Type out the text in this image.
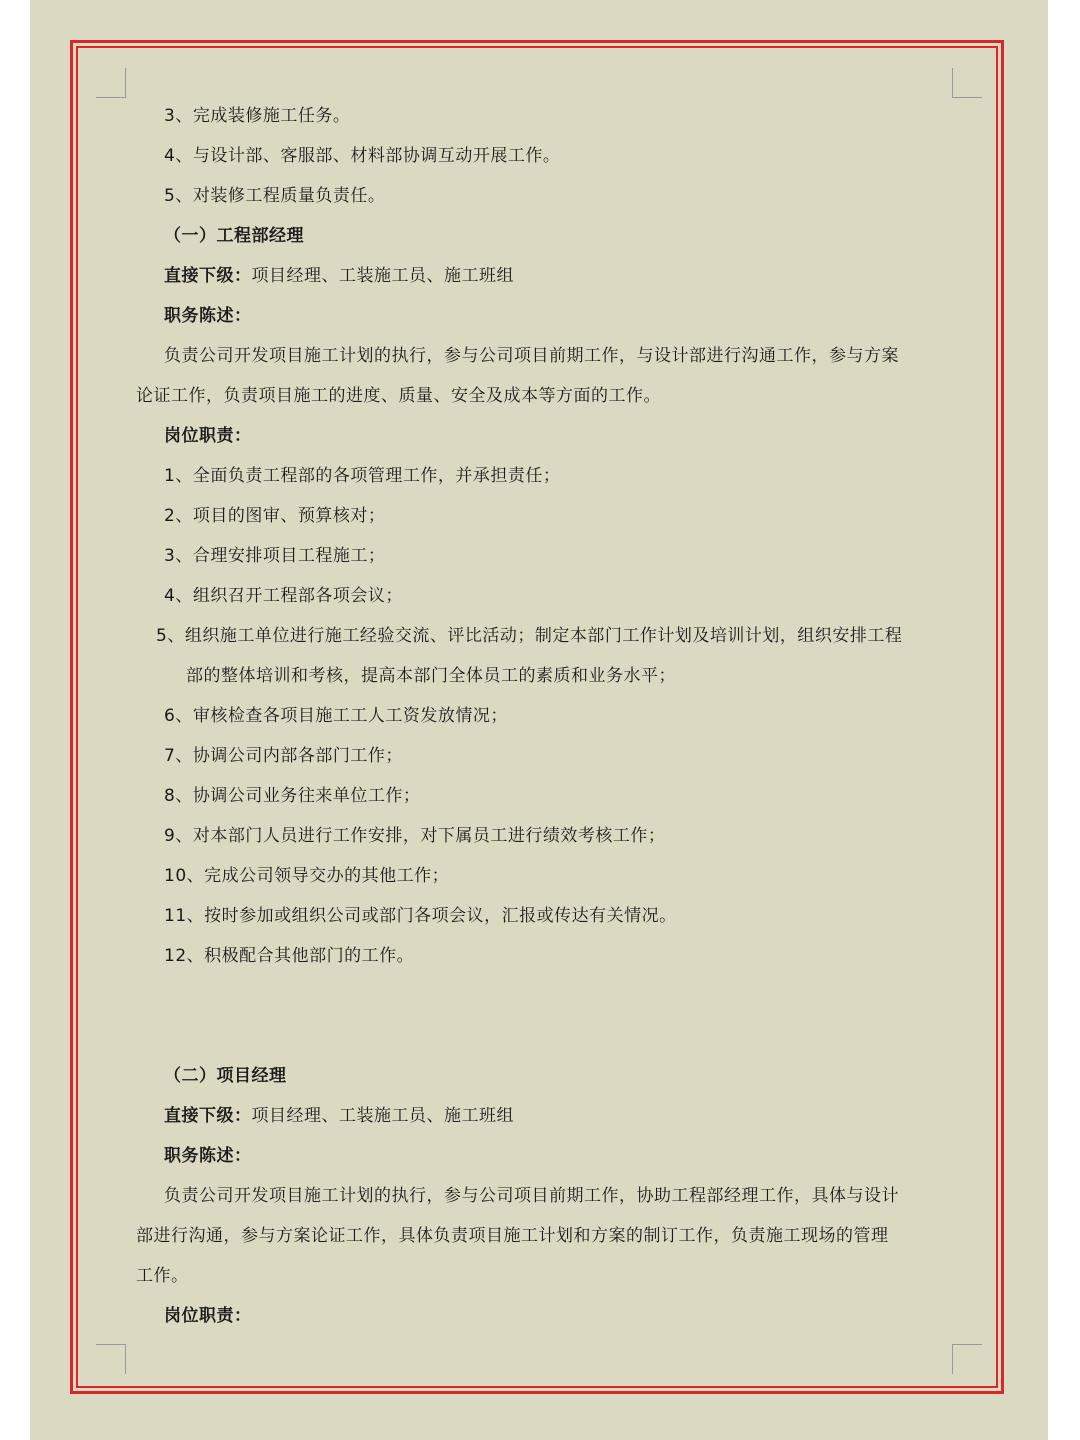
3、完成装修施工任务。
4、与设计部、客服部、材料部协调互动开展工作。
5、对装修工程质量负责任。
（一）工程部经理
直接下级：项目经理、工装施工员、施工班组
职务陈述：
负责公司开发项目施工计划的执行，参与公司项目前期工作，与设计部进行沟通工作，参与方案
论证工作，负责项目施工的进度、质量、安全及成本等方面的工作。
岗位职责：
1、全面负责工程部的各项管理工作，并承担责任；
2、项目的图审、预算核对；
3、合理安排项目工程施工；
4、组织召开工程部各项会议；
5、组织施工单位进行施工经验交流、评比活动；制定本部门工作计划及培训计划，组织安排工程
部的整体培训和考核，提高本部门全体员工的素质和业务水平；
6、审核检查各项目施工工人工资发放情况；
7、协调公司内部各部门工作；
8、协调公司业务往来单位工作；
9、对本部门人员进行工作安排，对下属员工进行绩效考核工作；
10、完成公司领导交办的其他工作；
11、按时参加或组织公司或部门各项会议，汇报或传达有关情况。
12、积极配合其他部门的工作。
（二）项目经理
直接下级：项目经理、工装施工员、施工班组
职务陈述：
负责公司开发项目施工计划的执行，参与公司项目前期工作，协助工程部经理工作，具体与设计
部进行沟通，参与方案论证工作，具体负责项目施工计划和方案的制订工作，负责施工现场的管理
工作。
岗位职责：
